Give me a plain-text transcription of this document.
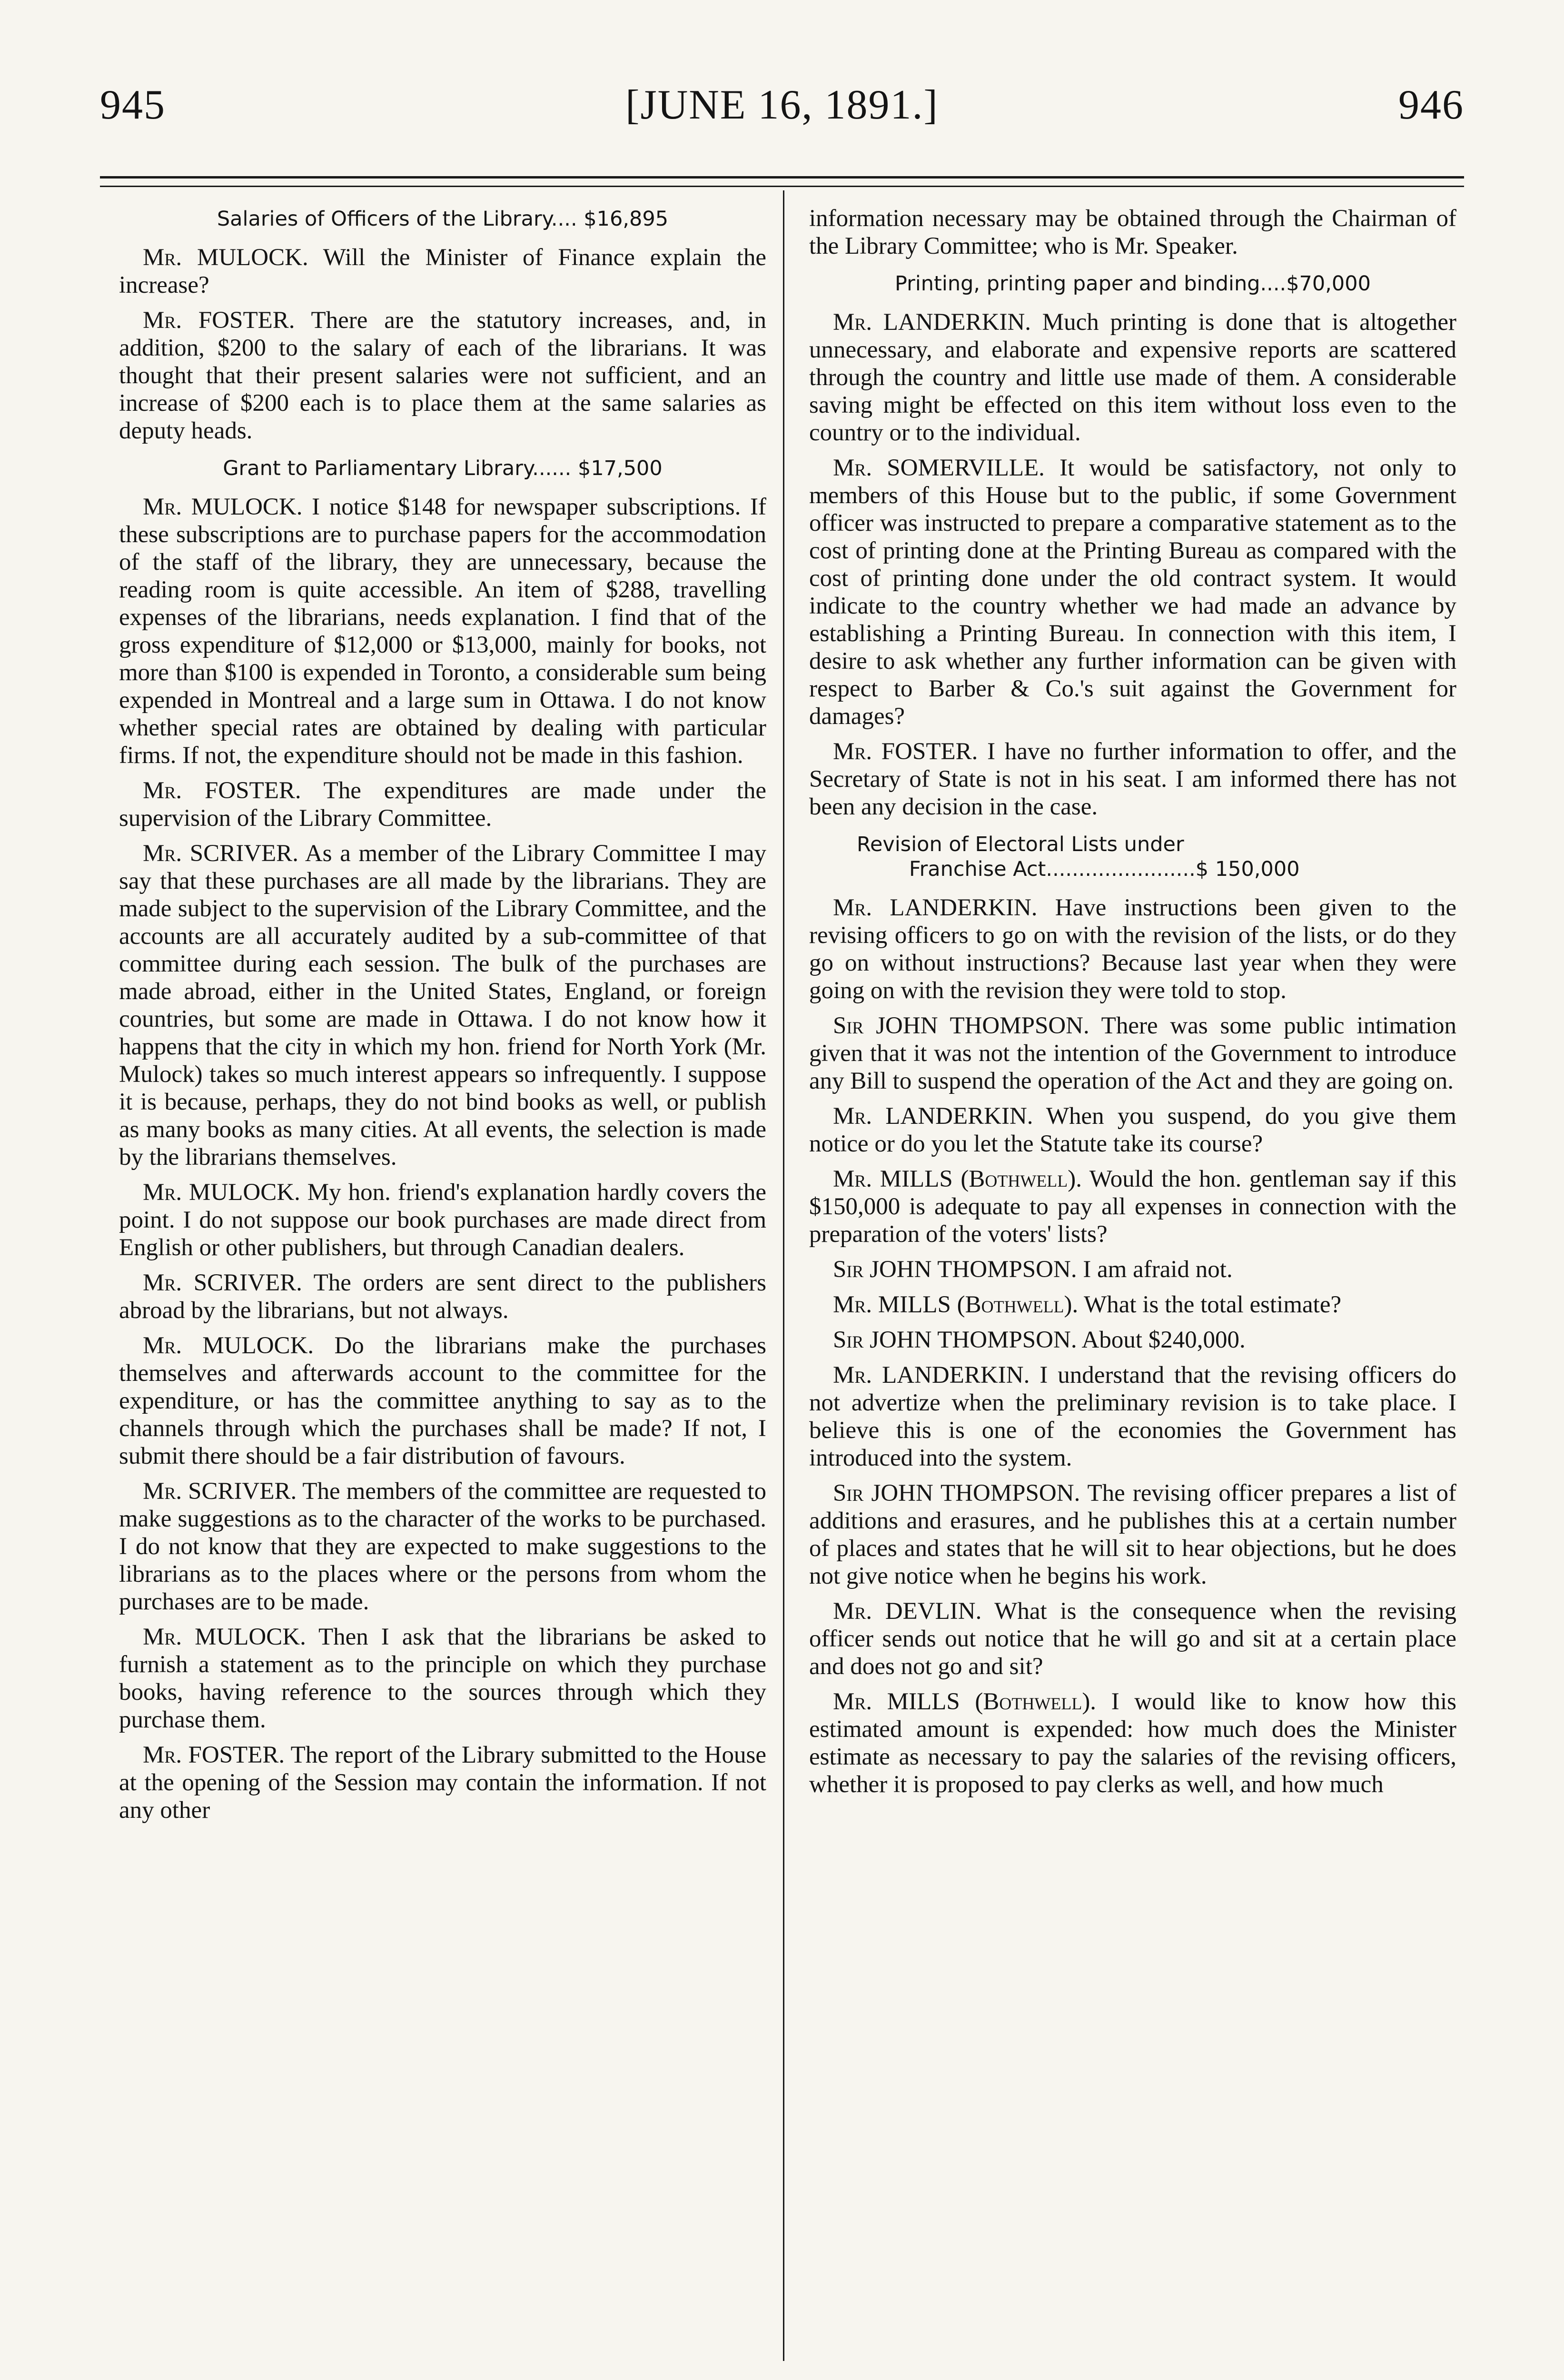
945	[JUNE 16, 1891.]	946
Salaries of Officers of the Library.... $16,895

Mr. MULOCK. Will the Minister of Finance explain the increase?

Mr. FOSTER. There are the statutory increases, and, in addition, $200 to the salary of each of the librarians. It was thought that their present salaries were not sufficient, and an increase of $200 each is to place them at the same salaries as deputy heads.

Grant to Parliamentary Library...... $17,500

Mr. MULOCK. I notice $148 for newspaper subscriptions. If these subscriptions are to purchase papers for the accommodation of the staff of the library, they are unnecessary, because the reading room is quite accessible. An item of $288, travelling expenses of the librarians, needs explanation. I find that of the gross expenditure of $12,000 or $13,000, mainly for books, not more than $100 is expended in Toronto, a considerable sum being expended in Montreal and a large sum in Ottawa. I do not know whether special rates are obtained by dealing with particular firms. If not, the expenditure should not be made in this fashion.

Mr. FOSTER. The expenditures are made under the supervision of the Library Committee.

Mr. SCRIVER. As a member of the Library Committee I may say that these purchases are all made by the librarians. They are made subject to the supervision of the Library Committee, and the accounts are all accurately audited by a sub-committee of that committee during each session. The bulk of the purchases are made abroad, either in the United States, England, or foreign countries, but some are made in Ottawa. I do not know how it happens that the city in which my hon. friend for North York (Mr. Mulock) takes so much interest appears so infrequently. I suppose it is because, perhaps, they do not bind books as well, or publish as many books as many cities. At all events, the selection is made by the librarians themselves.

Mr. MULOCK. My hon. friend's explanation hardly covers the point. I do not suppose our book purchases are made direct from English or other publishers, but through Canadian dealers.

Mr. SCRIVER. The orders are sent direct to the publishers abroad by the librarians, but not always.

Mr. MULOCK. Do the librarians make the purchases themselves and afterwards account to the committee for the expenditure, or has the committee anything to say as to the channels through which the purchases shall be made? If not, I submit there should be a fair distribution of favours.

Mr. SCRIVER. The members of the committee are requested to make suggestions as to the character of the works to be purchased. I do not know that they are expected to make suggestions to the librarians as to the places where or the persons from whom the purchases are to be made.

Mr. MULOCK. Then I ask that the librarians be asked to furnish a statement as to the principle on which they purchase books, having reference to the sources through which they purchase them.

Mr. FOSTER. The report of the Library submitted to the House at the opening of the Session may contain the information. If not any other

information necessary may be obtained through the Chairman of the Library Committee; who is Mr. Speaker.

Printing, printing paper and binding....$70,000

Mr. LANDERKIN. Much printing is done that is altogether unnecessary, and elaborate and expensive reports are scattered through the country and little use made of them. A considerable saving might be effected on this item without loss even to the country or to the individual.

Mr. SOMERVILLE. It would be satisfactory, not only to members of this House but to the public, if some Government officer was instructed to prepare a comparative statement as to the cost of printing done at the Printing Bureau as compared with the cost of printing done under the old contract system. It would indicate to the country whether we had made an advance by establishing a Printing Bureau. In connection with this item, I desire to ask whether any further information can be given with respect to Barber & Co.'s suit against the Government for damages?

Mr. FOSTER. I have no further information to offer, and the Secretary of State is not in his seat. I am informed there has not been any decision in the case.

Revision of Electoral Lists under
Franchise Act.......................$ 150,000

Mr. LANDERKIN. Have instructions been given to the revising officers to go on with the revision of the lists, or do they go on without instructions? Because last year when they were going on with the revision they were told to stop.

Sir JOHN THOMPSON. There was some public intimation given that it was not the intention of the Government to introduce any Bill to suspend the operation of the Act and they are going on.

Mr. LANDERKIN. When you suspend, do you give them notice or do you let the Statute take its course?

Mr. MILLS (Bothwell). Would the hon. gentleman say if this $150,000 is adequate to pay all expenses in connection with the preparation of the voters' lists?

Sir JOHN THOMPSON. I am afraid not.

Mr. MILLS (Bothwell). What is the total estimate?

Sir JOHN THOMPSON. About $240,000.

Mr. LANDERKIN. I understand that the revising officers do not advertize when the preliminary revision is to take place. I believe this is one of the economies the Government has introduced into the system.

Sir JOHN THOMPSON. The revising officer prepares a list of additions and erasures, and he publishes this at a certain number of places and states that he will sit to hear objections, but he does not give notice when he begins his work.

Mr. DEVLIN. What is the consequence when the revising officer sends out notice that he will go and sit at a certain place and does not go and sit?

Mr. MILLS (Bothwell). I would like to know how this estimated amount is expended: how much does the Minister estimate as necessary to pay the salaries of the revising officers, whether it is proposed to pay clerks as well, and how much
